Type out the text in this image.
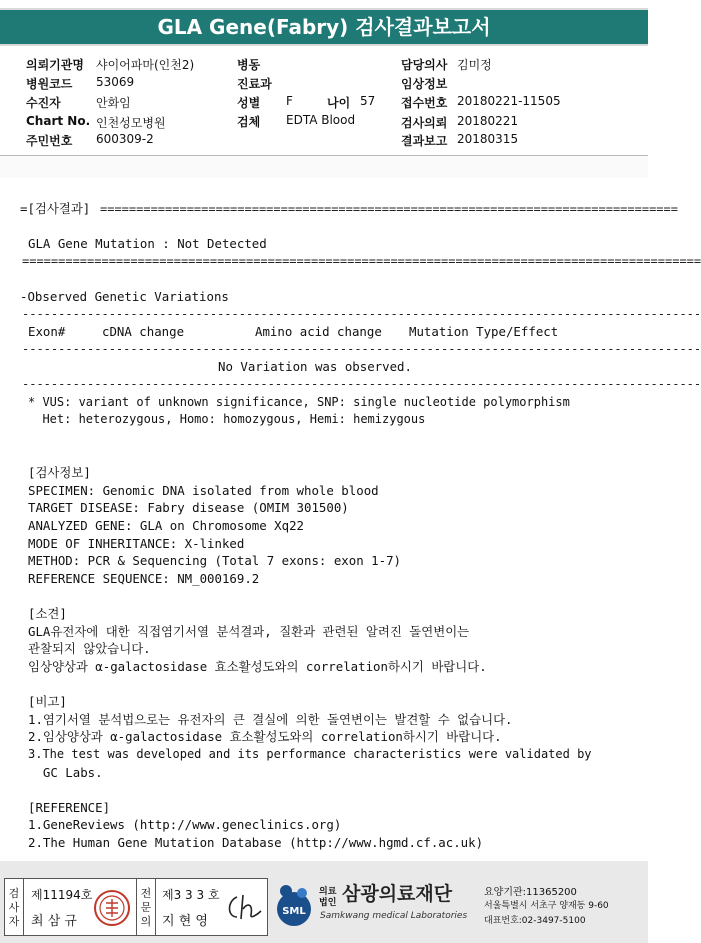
GLA Gene(Fabry) 검사결과보고서
의뢰기관명 샤이어파마(인천2)
병원코드 53069
수진자	안화임
Chart No. 인천성모병원
주민번호 600309-2
병동
진료과
성별 F	나이 57
검체 EDTA Blood
담당의사 김미정
임상정보
접수번호 20180221-11505
검사의뢰 20180221
결과보고 20180315
=[검사결과] ================================================================================
GLA Gene Mutation : Not Detected
==============================================================================================
-Observed Genetic Variations
----------------------------------------------------------------------------------------------
Exon#	cDNA change	Amino acid change Mutation Type/Effect
----------------------------------------------------------------------------------------------
No Variation was observed.
----------------------------------------------------------------------------------------------
* VUS: variant of unknown significance, SNP: single nucleotide polymorphism
Het: heterozygous, Homo: homozygous, Hemi: hemizygous
[검사정보]
SPECIMEN: Genomic DNA isolated from whole blood
TARGET DISEASE: Fabry disease (OMIM 301500)
ANALYZED GENE: GLA on Chromosome Xq22
MODE OF INHERITANCE: X-linked
METHOD: PCR & Sequencing (Total 7 exons: exon 1-7)
REFERENCE SEQUENCE: NM_000169.2
[소견]
GLA유전자에 대한 직접염기서열 분석결과, 질환과 관련된 알려진 돌연변이는
관찰되지 않았습니다.
임상양상과 α-galactosidase 효소활성도와의 correlation하시기 바랍니다.
[비고]
1.염기서열 분석법으로는 유전자의 큰 결실에 의한 돌연변이는 발견할 수 없습니다.
2.임상양상과 α-galactosidase 효소활성도와의 correlation하시기 바랍니다.
3.The test was developed and its performance characteristics were validated by
GC Labs.
[REFERENCE]
1.GeneReviews (http://www.geneclinics.org)
2.The Human Gene Mutation Database (http://www.hgmd.cf.ac.uk)
검
사
자
제11194호
최 삼 규
전
문
의
제3 3 3 호
지 현 영
SML
의료
법인 삼광의료재단
Samkwang medical Laboratories
요양기관:11365200
서울특별시 서초구 양재동 9-60
대표번호:02-3497-5100
